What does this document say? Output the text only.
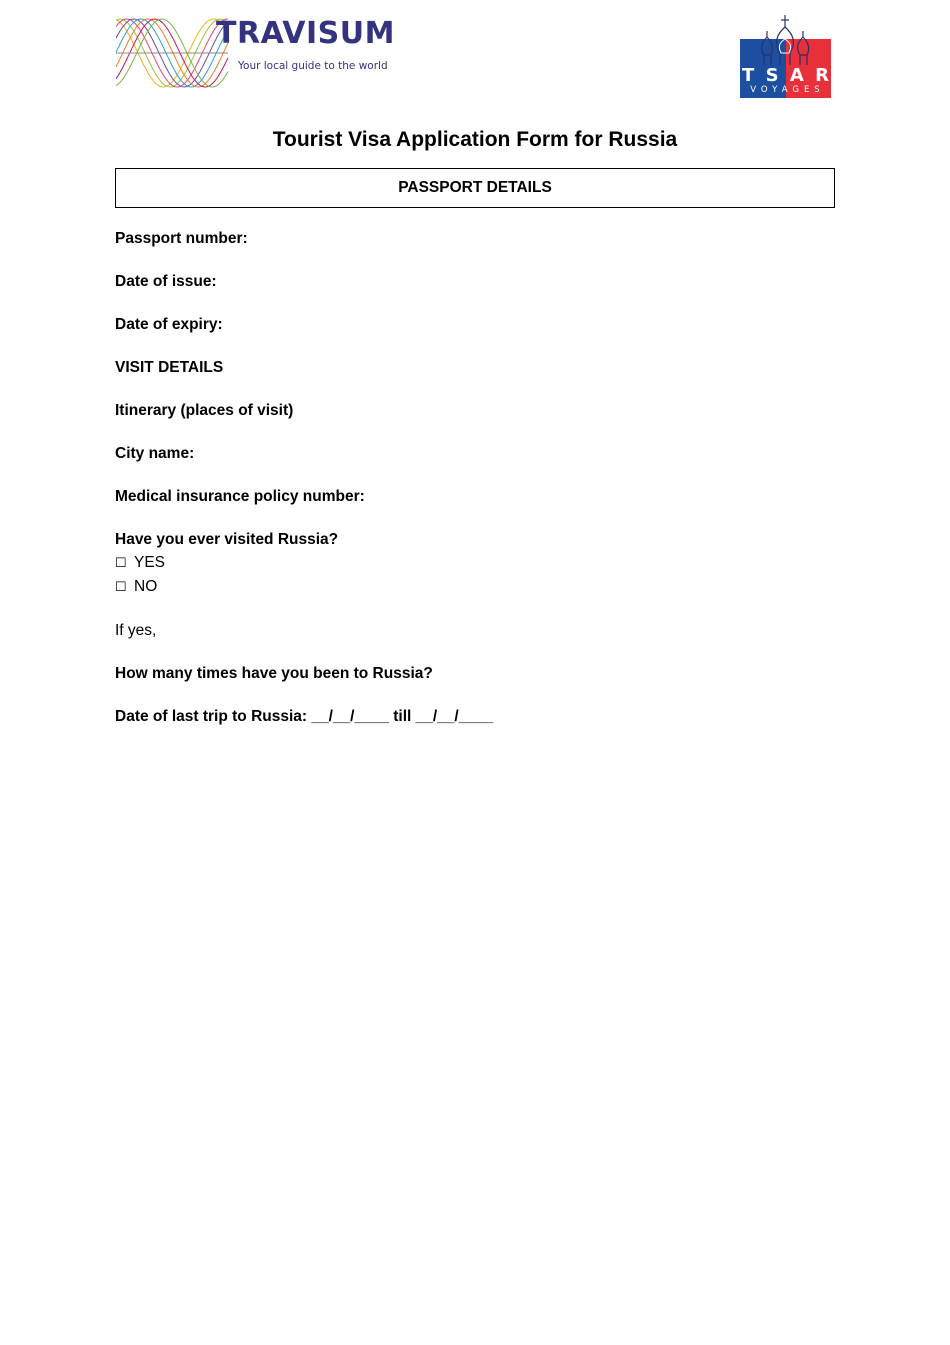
TRAVISUM
Your local guide to the world	T S A R
VOYAGES
Tourist Visa Application Form for Russia
PASSPORT DETAILS
Passport number:
Date of issue:
Date of expiry:
VISIT DETAILS
Itinerary (places of visit)
City name:
Medical insurance policy number:
Have you ever visited Russia?
☐ YES
☐ NO
If yes,
How many times have you been to Russia?
Date of last trip to Russia: __/__/____ till __/__/____
